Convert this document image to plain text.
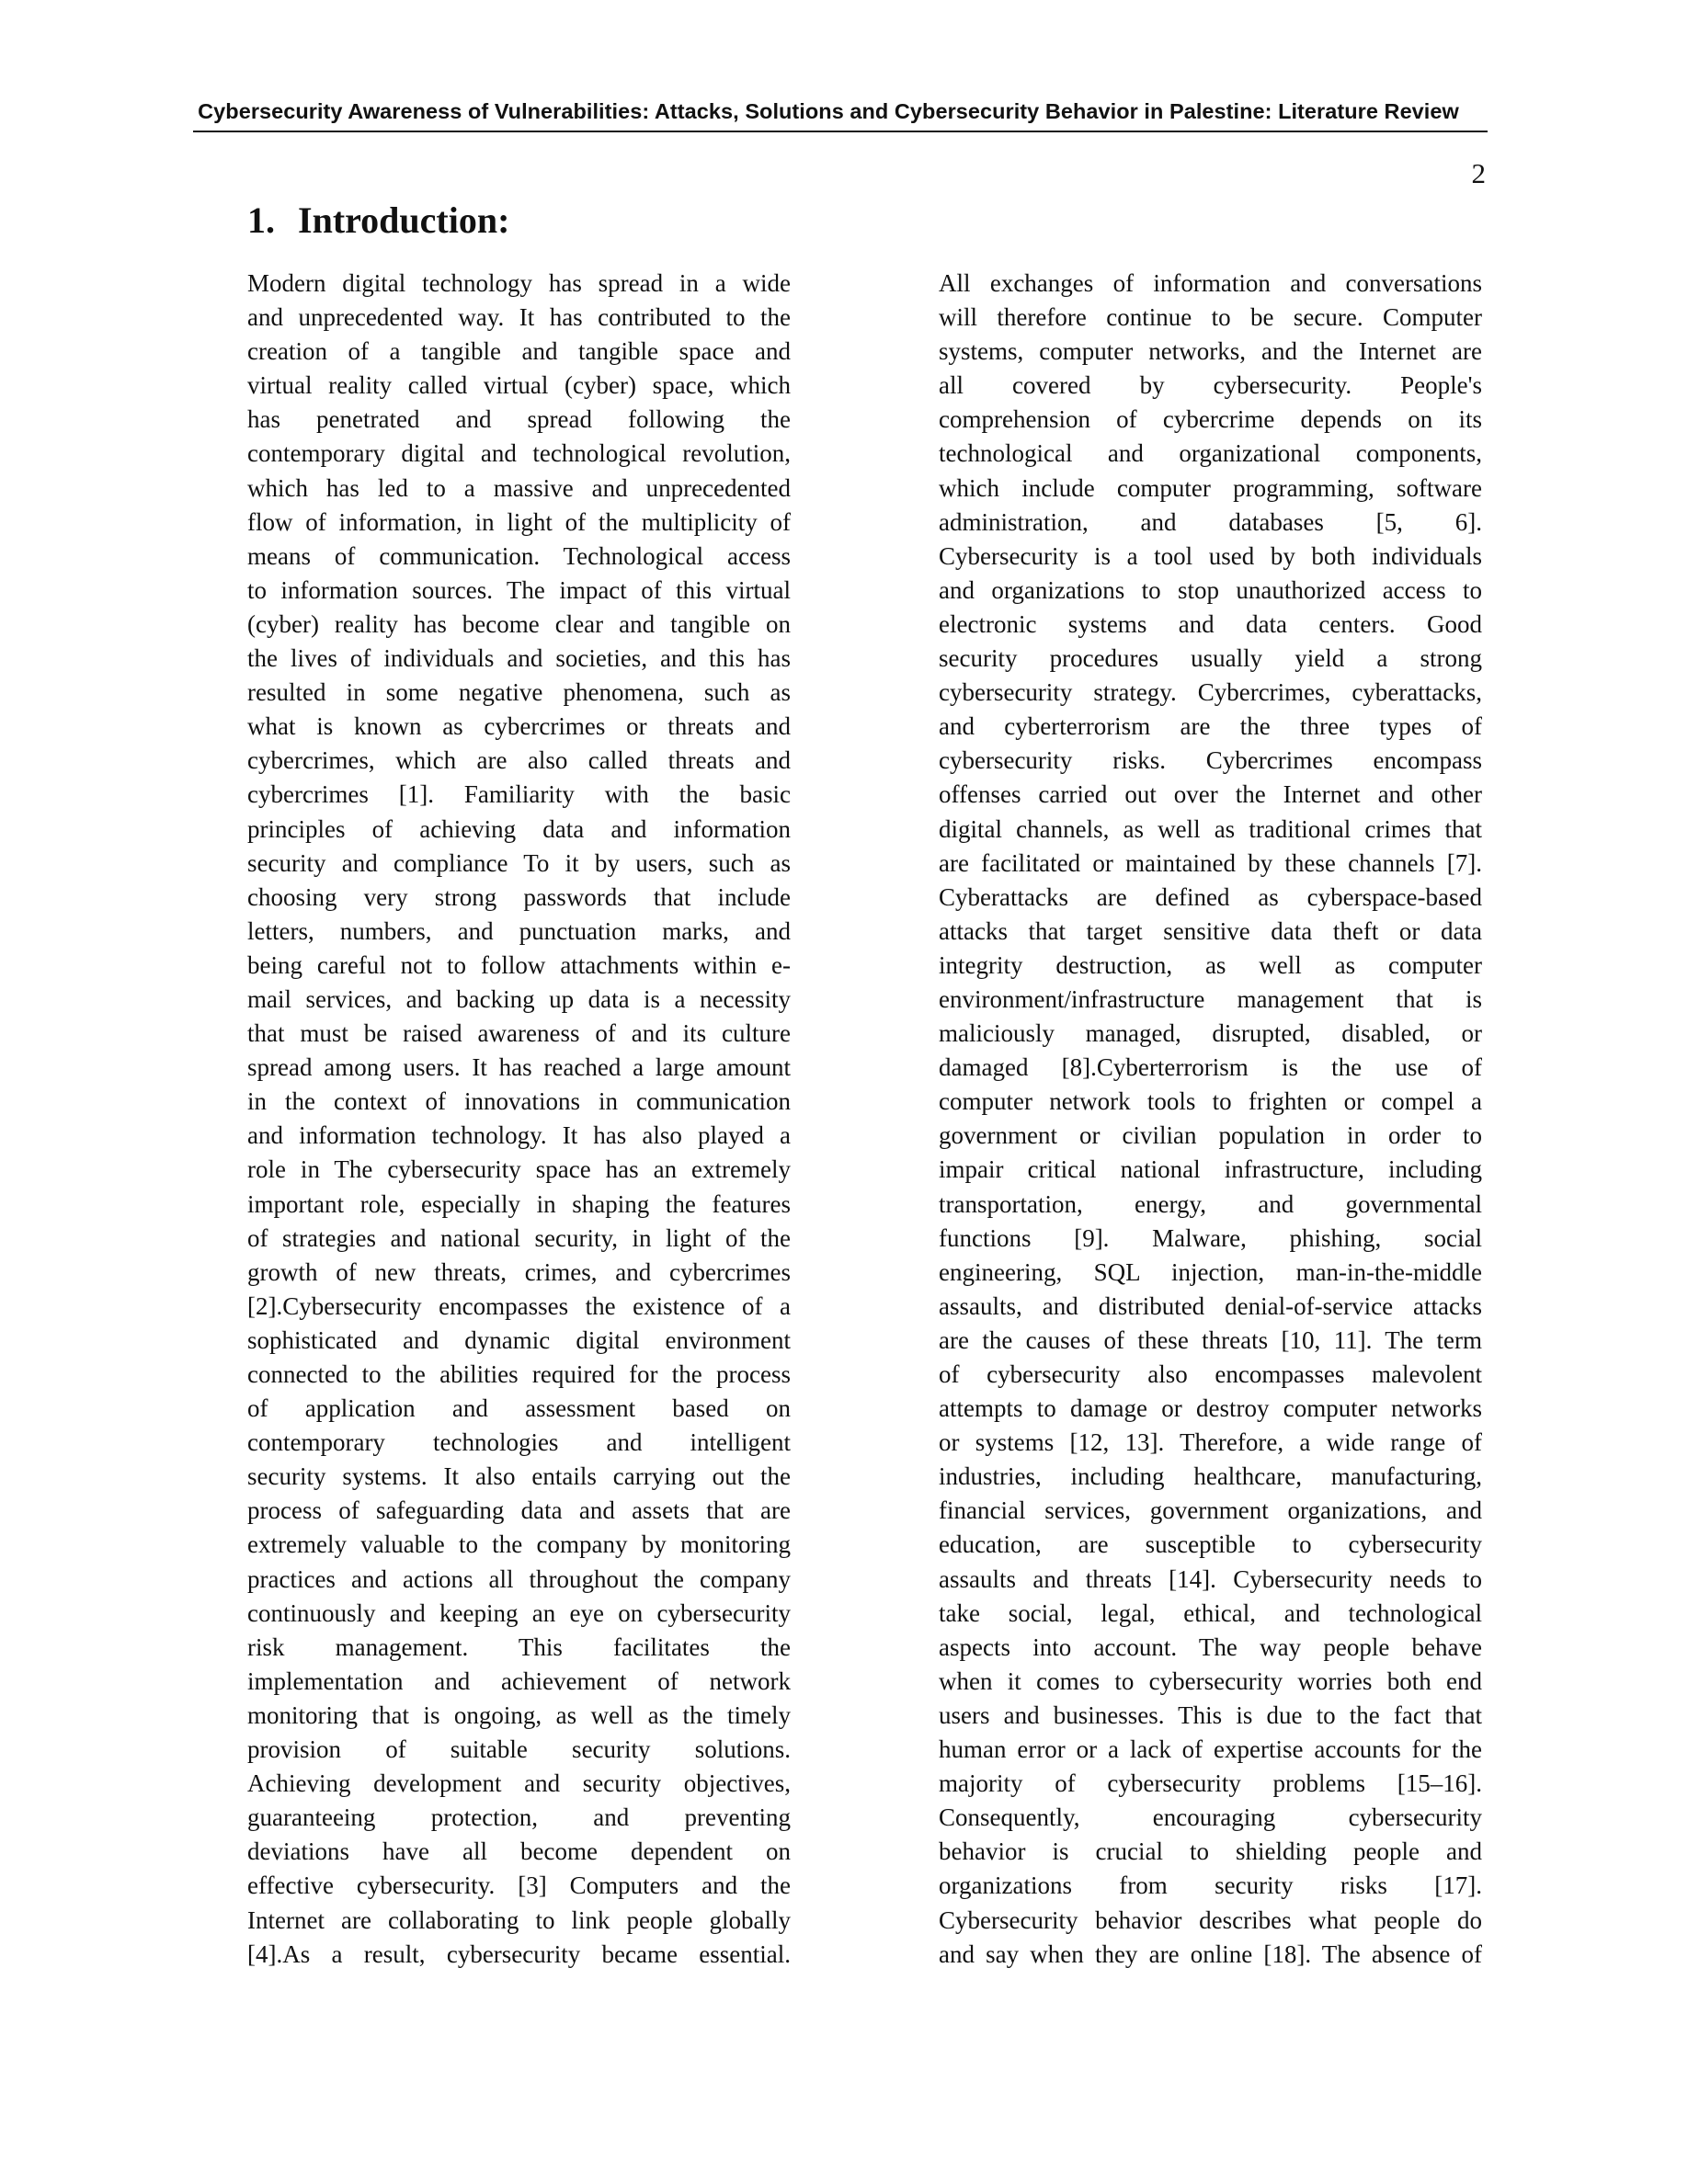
Cybersecurity Awareness of Vulnerabilities: Attacks, Solutions and Cybersecurity Behavior in Palestine: Literature Review
2
1. Introduction:
Modern digital technology has spread in a wide
and unprecedented way. It has contributed to the
creation of a tangible and tangible space and
virtual reality called virtual (cyber) space, which
has penetrated and spread following the
contemporary digital and technological revolution,
which has led to a massive and unprecedented
flow of information, in light of the multiplicity of
means of communication. Technological access
to information sources. The impact of this virtual
(cyber) reality has become clear and tangible on
the lives of individuals and societies, and this has
resulted in some negative phenomena, such as
what is known as cybercrimes or threats and
cybercrimes, which are also called threats and
cybercrimes [1]. Familiarity with the basic
principles of achieving data and information
security and compliance To it by users, such as
choosing very strong passwords that include
letters, numbers, and punctuation marks, and
being careful not to follow attachments within e-
mail services, and backing up data is a necessity
that must be raised awareness of and its culture
spread among users. It has reached a large amount
in the context of innovations in communication
and information technology. It has also played a
role in The cybersecurity space has an extremely
important role, especially in shaping the features
of strategies and national security, in light of the
growth of new threats, crimes, and cybercrimes
[2].Cybersecurity encompasses the existence of a
sophisticated and dynamic digital environment
connected to the abilities required for the process
of application and assessment based on
contemporary technologies and intelligent
security systems. It also entails carrying out the
process of safeguarding data and assets that are
extremely valuable to the company by monitoring
practices and actions all throughout the company
continuously and keeping an eye on cybersecurity
risk management. This facilitates the
implementation and achievement of network
monitoring that is ongoing, as well as the timely
provision of suitable security solutions.
Achieving development and security objectives,
guaranteeing protection, and preventing
deviations have all become dependent on
effective cybersecurity. [3] Computers and the
Internet are collaborating to link people globally
[4].As a result, cybersecurity became essential.
All exchanges of information and conversations
will therefore continue to be secure. Computer
systems, computer networks, and the Internet are
all covered by cybersecurity. People's
comprehension of cybercrime depends on its
technological and organizational components,
which include computer programming, software
administration, and databases [5, 6].
Cybersecurity is a tool used by both individuals
and organizations to stop unauthorized access to
electronic systems and data centers. Good
security procedures usually yield a strong
cybersecurity strategy. Cybercrimes, cyberattacks,
and cyberterrorism are the three types of
cybersecurity risks. Cybercrimes encompass
offenses carried out over the Internet and other
digital channels, as well as traditional crimes that
are facilitated or maintained by these channels [7].
Cyberattacks are defined as cyberspace-based
attacks that target sensitive data theft or data
integrity destruction, as well as computer
environment/infrastructure management that is
maliciously managed, disrupted, disabled, or
damaged [8].Cyberterrorism is the use of
computer network tools to frighten or compel a
government or civilian population in order to
impair critical national infrastructure, including
transportation, energy, and governmental
functions [9]. Malware, phishing, social
engineering, SQL injection, man-in-the-middle
assaults, and distributed denial-of-service attacks
are the causes of these threats [10, 11]. The term
of cybersecurity also encompasses malevolent
attempts to damage or destroy computer networks
or systems [12, 13]. Therefore, a wide range of
industries, including healthcare, manufacturing,
financial services, government organizations, and
education, are susceptible to cybersecurity
assaults and threats [14]. Cybersecurity needs to
take social, legal, ethical, and technological
aspects into account. The way people behave
when it comes to cybersecurity worries both end
users and businesses. This is due to the fact that
human error or a lack of expertise accounts for the
majority of cybersecurity problems [15–16].
Consequently, encouraging cybersecurity
behavior is crucial to shielding people and
organizations from security risks [17].
Cybersecurity behavior describes what people do
and say when they are online [18]. The absence of
